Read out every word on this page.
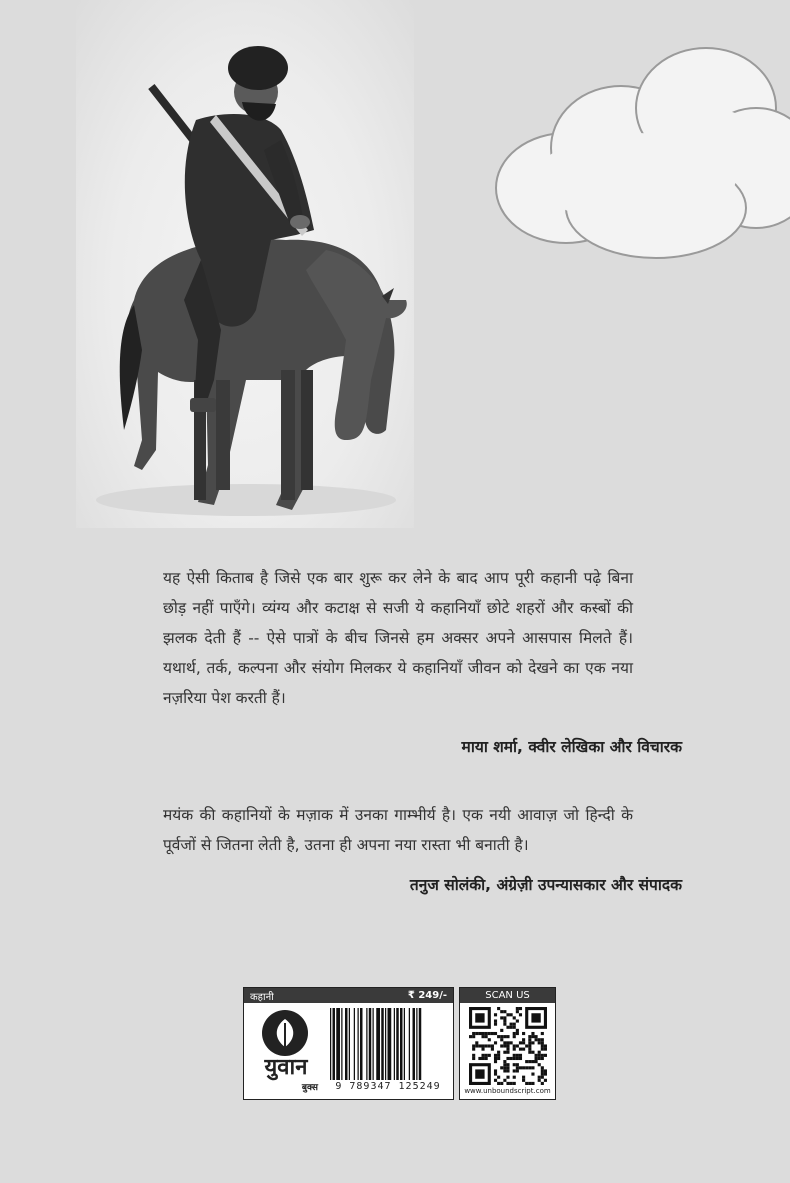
यह ऐसी किताब है जिसे एक बार शुरू कर लेने के बाद आप पूरी कहानी पढ़े बिना छोड़ नहीं पाएँगे। व्यंग्य और कटाक्ष से सजी ये कहानियाँ छोटे शहरों और कस्बों की झलक देती हैं -- ऐसे पात्रों के बीच जिनसे हम अक्सर अपने आसपास मिलते हैं। यथार्थ, तर्क, कल्पना और संयोग मिलकर ये कहानियाँ जीवन को देखने का एक नया नज़रिया पेश करती हैं।

माया शर्मा, क्वीर लेखिका और विचारक

मयंक की कहानियों के मज़ाक में उनका गाम्भीर्य है। एक नयी आवाज़ जो हिन्दी के पूर्वजों से जितना लेती है, उतना ही अपना नया रास्ता भी बनाती है।

तनुज सोलंकी, अंग्रेज़ी उपन्यासकार और संपादक
कहानी	₹ 249/-
युवान
बुक्स	9 789347 125249
SCAN US
www.unboundscript.com
